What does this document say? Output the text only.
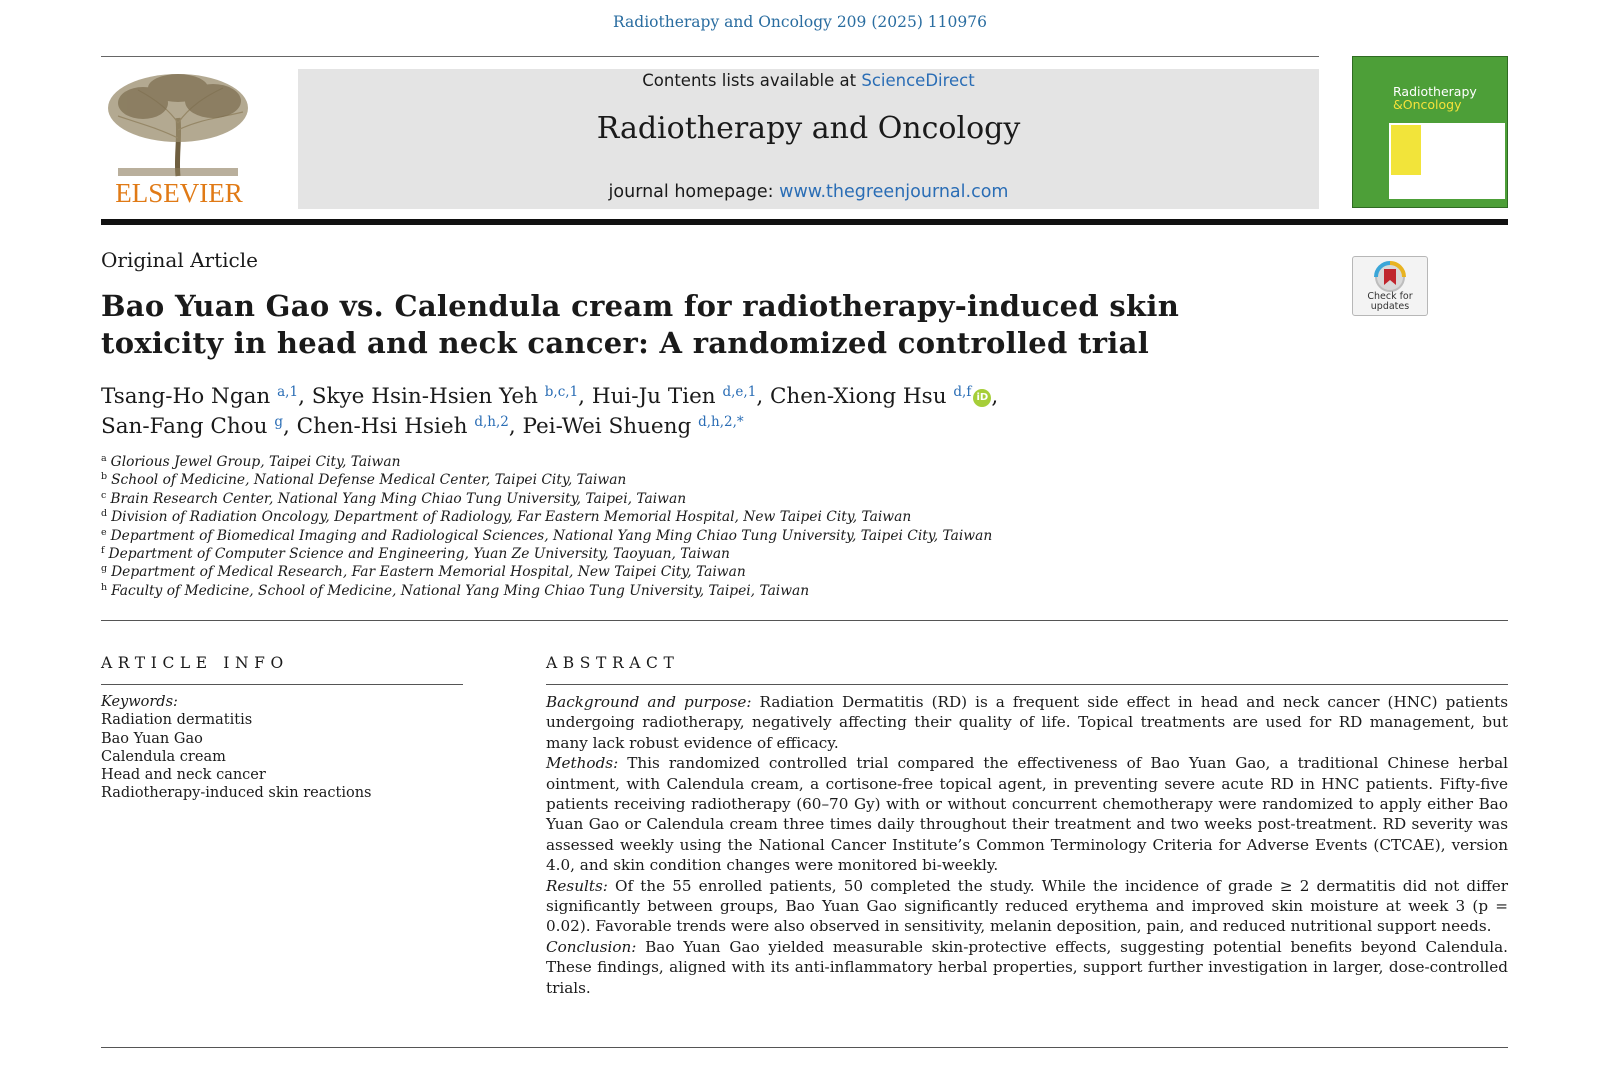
Radiotherapy and Oncology 209 (2025) 110976
ELSEVIER
Contents lists available at ScienceDirect
Radiotherapy and Oncology
journal homepage: www.thegreenjournal.com
Radiotherapy
&Oncology
ESTRO
Original Article
Check for
updates
Bao Yuan Gao vs. Calendula cream for radiotherapy-induced skin toxicity in head and neck cancer: A randomized controlled trial
Tsang-Ho Ngan $^{a,1}$, Skye Hsin-Hsien Yeh $^{b,c,1}$, Hui-Ju Tien $^{d,e,1}$, Chen-Xiong Hsu $^{d,f}$ iD ,
San-Fang Chou $^g$, Chen-Hsi Hsieh $^{d,h,2}$, Pei-Wei Shueng $^{d,h,2,*}$
$^a$ Glorious Jewel Group, Taipei City, Taiwan
$^b$ School of Medicine, National Defense Medical Center, Taipei City, Taiwan
$^c$ Brain Research Center, National Yang Ming Chiao Tung University, Taipei, Taiwan
$^d$ Division of Radiation Oncology, Department of Radiology, Far Eastern Memorial Hospital, New Taipei City, Taiwan
$^e$ Department of Biomedical Imaging and Radiological Sciences, National Yang Ming Chiao Tung University, Taipei City, Taiwan
$^f$ Department of Computer Science and Engineering, Yuan Ze University, Taoyuan, Taiwan
$^g$ Department of Medical Research, Far Eastern Memorial Hospital, New Taipei City, Taiwan
$^h$ Faculty of Medicine, School of Medicine, National Yang Ming Chiao Tung University, Taipei, Taiwan
ARTICLE INFO	ABSTRACT
Keywords:
Radiation dermatitis
Bao Yuan Gao
Calendula cream
Head and neck cancer
Radiotherapy-induced skin reactions

Background and purpose: Radiation Dermatitis (RD) is a frequent side effect in head and neck cancer (HNC) patients undergoing radiotherapy, negatively affecting their quality of life. Topical treatments are used for RD management, but many lack robust evidence of efficacy.

Methods: This randomized controlled trial compared the effectiveness of Bao Yuan Gao, a traditional Chinese herbal ointment, with Calendula cream, a cortisone-free topical agent, in preventing severe acute RD in HNC patients. Fifty-five patients receiving radiotherapy (60–70 Gy) with or without concurrent chemotherapy were randomized to apply either Bao Yuan Gao or Calendula cream three times daily throughout their treatment and two weeks post-treatment. RD severity was assessed weekly using the National Cancer Institute’s Common Terminology Criteria for Adverse Events (CTCAE), version 4.0, and skin condition changes were monitored bi-weekly.

Results: Of the 55 enrolled patients, 50 completed the study. While the incidence of grade ≥ 2 dermatitis did not differ significantly between groups, Bao Yuan Gao significantly reduced erythema and improved skin moisture at week 3 (p = 0.02). Favorable trends were also observed in sensitivity, melanin deposition, pain, and reduced nutritional support needs.

Conclusion: Bao Yuan Gao yielded measurable skin-protective effects, suggesting potential benefits beyond Calendula. These findings, aligned with its anti-inflammatory herbal properties, support further investigation in larger, dose-controlled trials.
